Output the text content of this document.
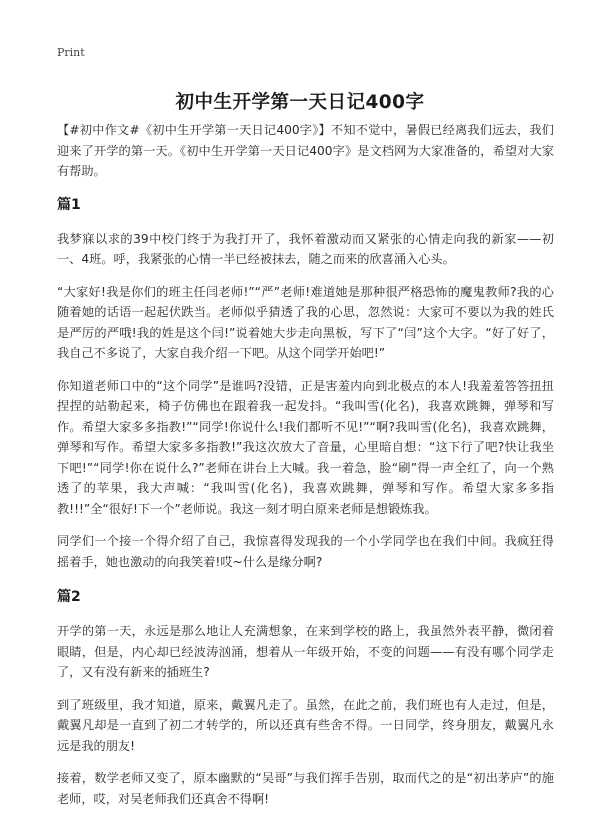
Print
初中生开学第一天日记400字

【#初中作文#《初中生开学第一天日记400字》】不知不觉中，暑假已经离我们远去，我们迎来了开学的第一天。《初中生开学第一天日记400字》是文档网为大家准备的，希望对大家有帮助。

篇1

我梦寐以求的39中校门终于为我打开了，我怀着激动而又紧张的心情走向我的新家——初一、4班。呼，我紧张的心情一半已经被抹去，随之而来的欣喜涌入心头。

“大家好!我是你们的班主任闫老师!”“严”老师!难道她是那种很严格恐怖的魔鬼教师?我的心随着她的话语一起起伏跌当。老师似乎猜透了我的心思，忽然说：大家可不要以为我的姓氏是严厉的严哦!我的姓是这个闫!”说着她大步走向黑板，写下了“闫”这个大字。“好了好了，我自己不多说了，大家自我介绍一下吧。从这个同学开始吧!”

你知道老师口中的“这个同学”是谁吗?没错，正是害羞内向到北极点的本人!我羞羞答答扭扭捏捏的站勒起来，椅子仿佛也在跟着我一起发抖。“我叫雪(化名)，我喜欢跳舞，弹琴和写作。希望大家多多指教!”“同学!你说什么!我们都听不见!”“啊?我叫雪(化名)，我喜欢跳舞，弹琴和写作。希望大家多多指教!”我这次放大了音量，心里暗自想：“这下行了吧?快让我坐下吧!”“同学!你在说什么?”老师在讲台上大喊。我一着急，脸“刷”得一声全红了，向一个熟透了的苹果，我大声喊：“我叫雪(化名)，我喜欢跳舞，弹琴和写作。希望大家多多指教!!!”全“很好!下一个”老师说。我这一刻才明白原来老师是想锻炼我。

同学们一个接一个得介绍了自己，我惊喜得发现我的一个小学同学也在我们中间。我疯狂得摇着手，她也激动的向我笑着!哎~什么是缘分啊?

篇2

开学的第一天，永远是那么地让人充满想象，在来到学校的路上，我虽然外表平静，微闭着眼睛，但是，内心却已经波涛汹涌，想着从一年级开始，不变的问题——有没有哪个同学走了，又有没有新来的插班生?

到了班级里，我才知道，原来，戴翼凡走了。虽然，在此之前，我们班也有人走过，但是，戴翼凡却是一直到了初二才转学的，所以还真有些舍不得。一日同学，终身朋友，戴翼凡永远是我的朋友!

接着，数学老师又变了，原本幽默的“吴哥”与我们挥手告别，取而代之的是“初出茅庐”的施老师，哎，对吴老师我们还真舍不得啊!
